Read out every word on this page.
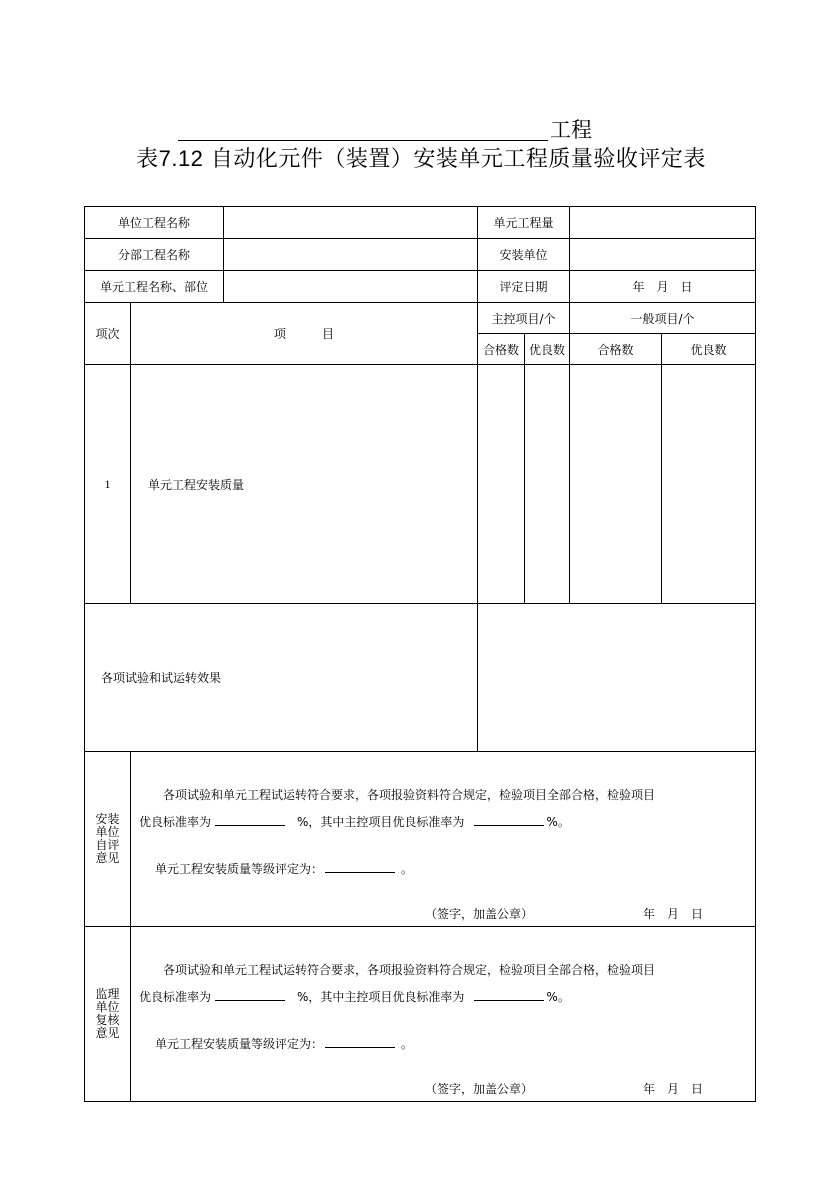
工程
表7.12 自动化元件（装置）安装单元工程质量验收评定表
单位工程名称			单元工程量			
分部工程名称			安装单位			
单元工程名称、部位			评定日期		年　月　日	
项次	项　　　目		主控项目/个		一般项目/个	
			合格数	优良数	合格数	优良数
1	单元工程安装质量					
各项试验和试运转效果						

安装单位自评意见	各项试验和单元工程试运转符合要求，各项报验资料符合规定，检验项目全部合格，检验项目
优良标准率为 %，其中主控项目优良标准率为 %。
单元工程安装质量等级评定为： 。
（签字，加盖公章） 年　月　日					

监理单位复核意见	各项试验和单元工程试运转符合要求，各项报验资料符合规定，检验项目全部合格，检验项目
优良标准率为 %，其中主控项目优良标准率为 %。
单元工程安装质量等级评定为： 。
（签字，加盖公章） 年　月　日					
